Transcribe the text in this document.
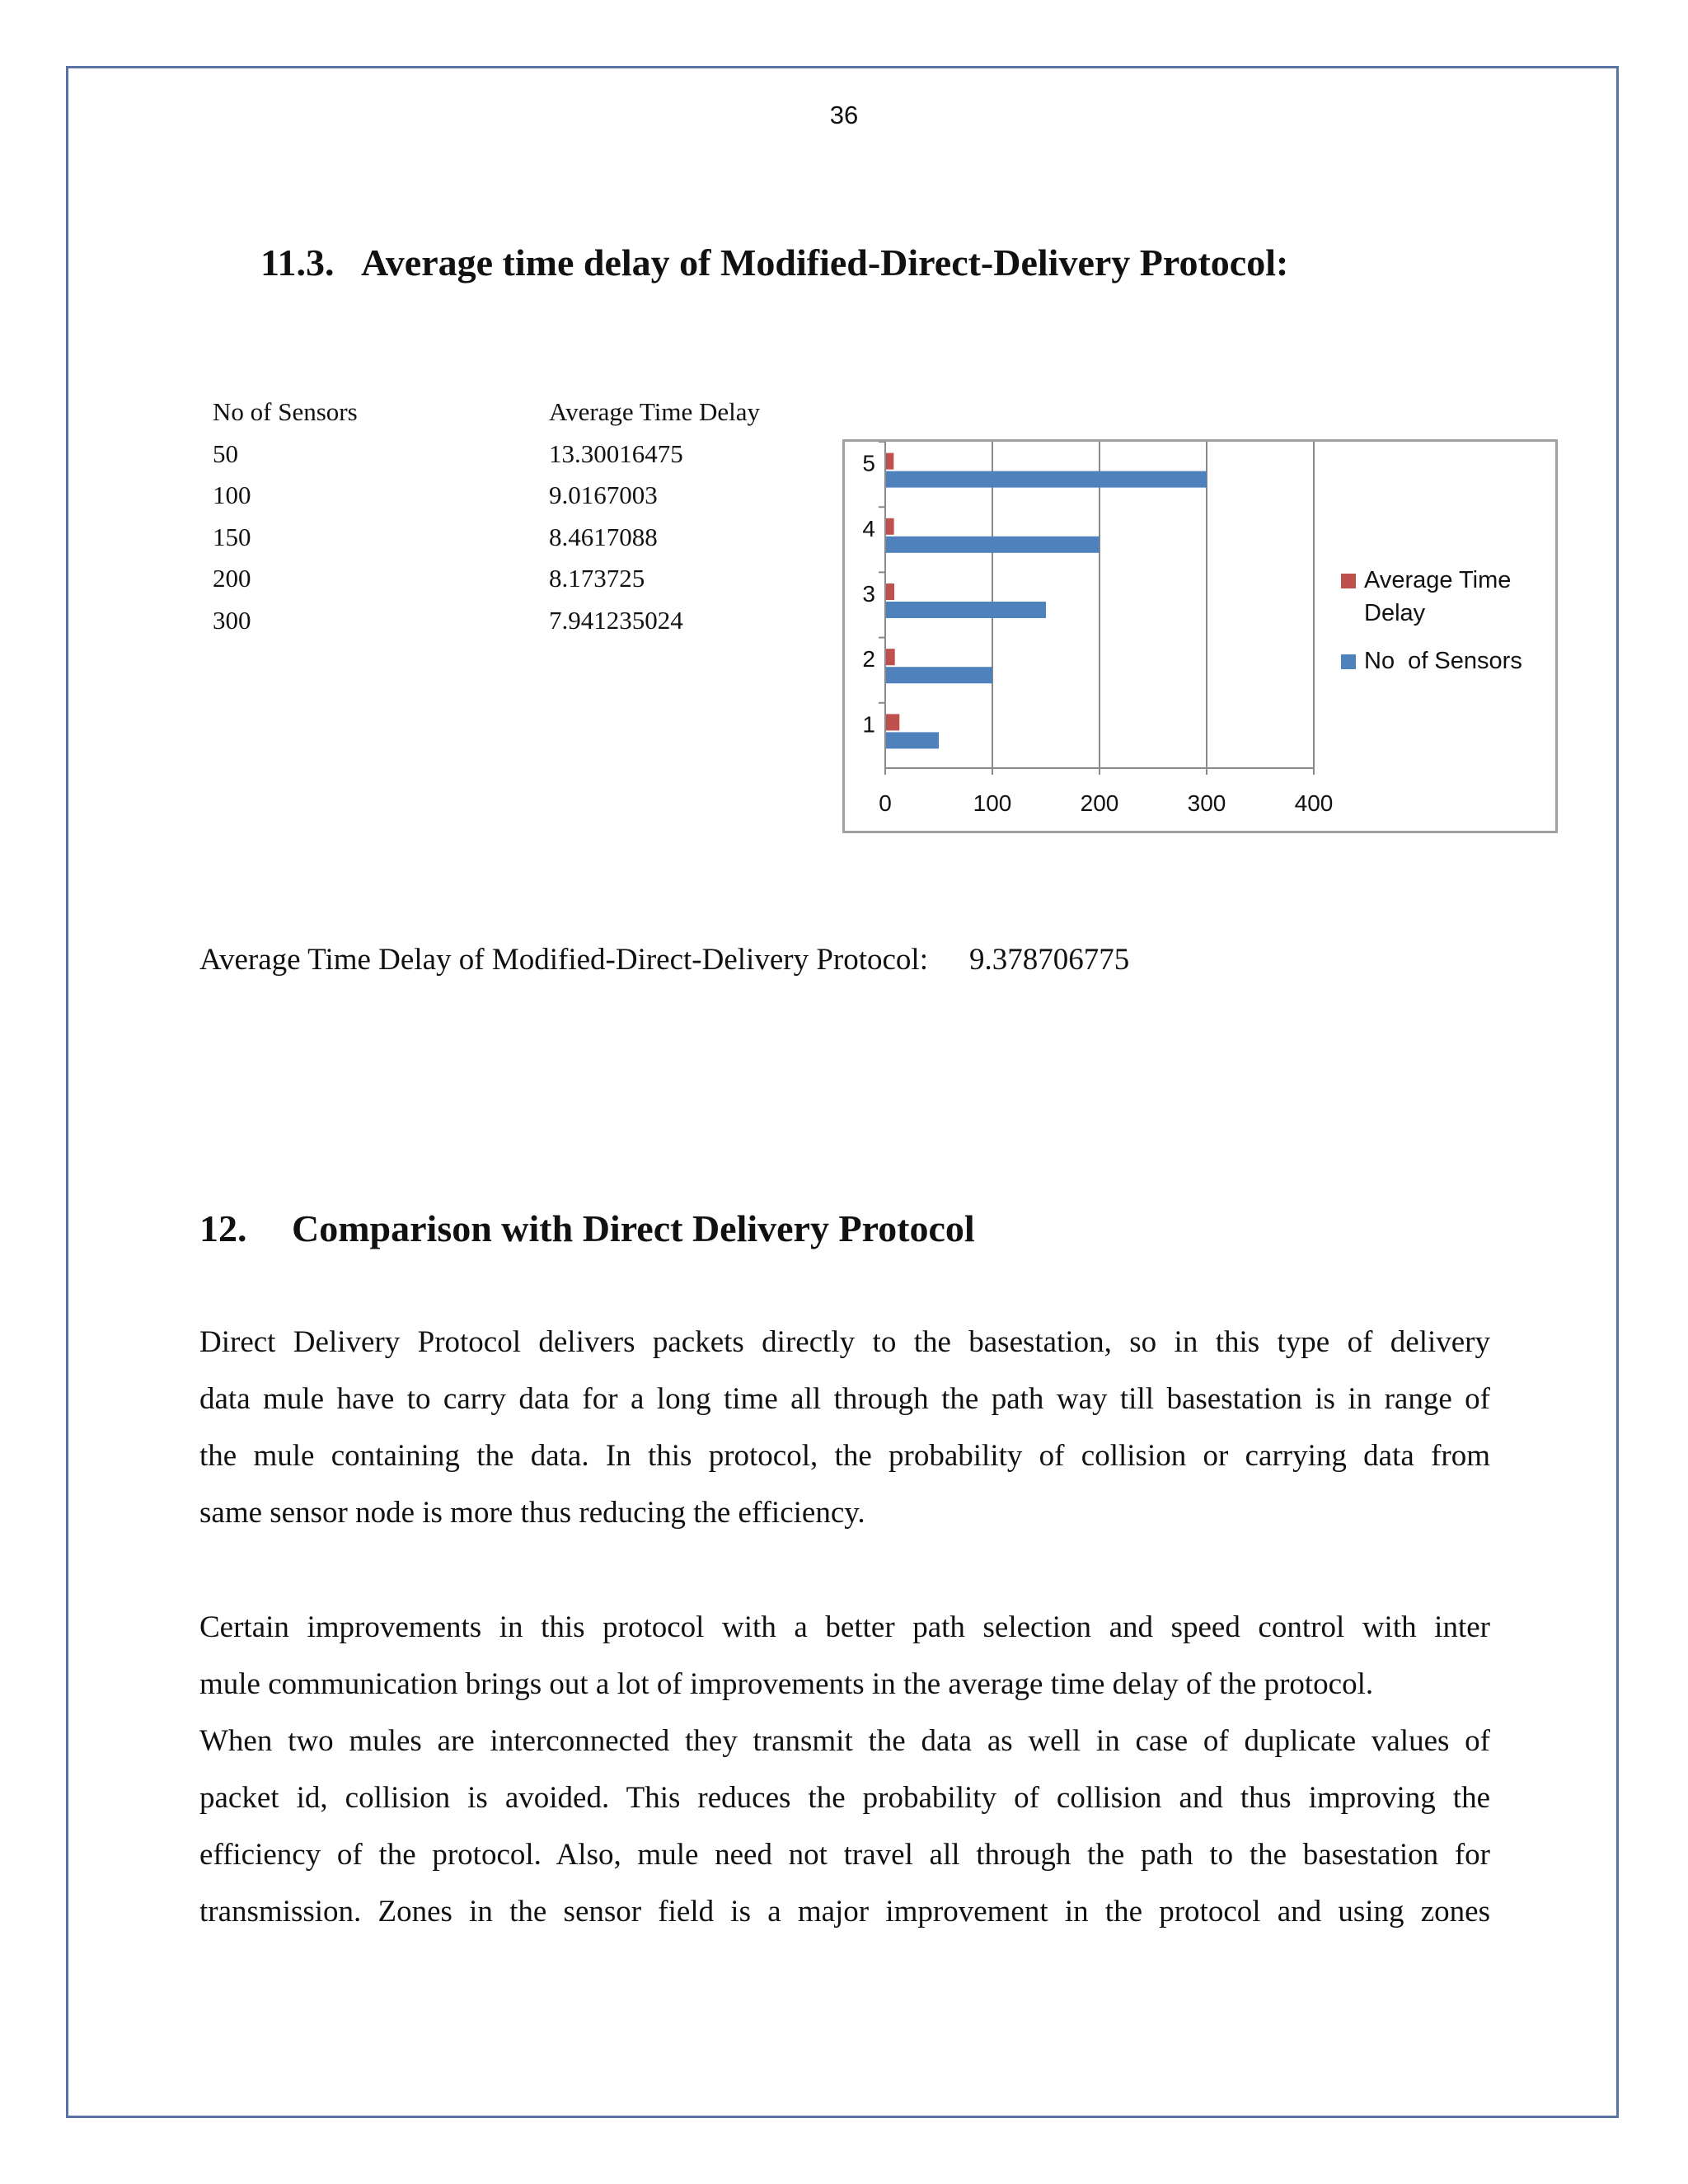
36
11.3. Average time delay of Modified-Direct-Delivery Protocol:
No of Sensors	Average Time Delay
50	13.30016475
100	9.0167003
150	8.4617088
200	8.173725
300	7.941235024
0	100	200	300	400
1
2
3
4
5
Average Time
Delay
No  of Sensors
Average Time Delay of Modified-Direct-Delivery Protocol: 9.378706775
12. Comparison with Direct Delivery Protocol
Direct Delivery Protocol delivers packets directly to the basestation, so in this type of delivery
data mule have to carry data for a long time all through the path way till basestation is in range of
the mule containing the data. In this protocol, the probability of collision or carrying data from
same sensor node is more thus reducing the efficiency.
Certain improvements in this protocol with a better path selection and speed control with inter
mule communication brings out a lot of improvements in the average time delay of the protocol.
When two mules are interconnected they transmit the data as well in case of duplicate values of
packet id, collision is avoided. This reduces the probability of collision and thus improving the
efficiency of the protocol. Also, mule need not travel all through the path to the basestation for
transmission. Zones in the sensor field is a major improvement in the protocol and using zones
